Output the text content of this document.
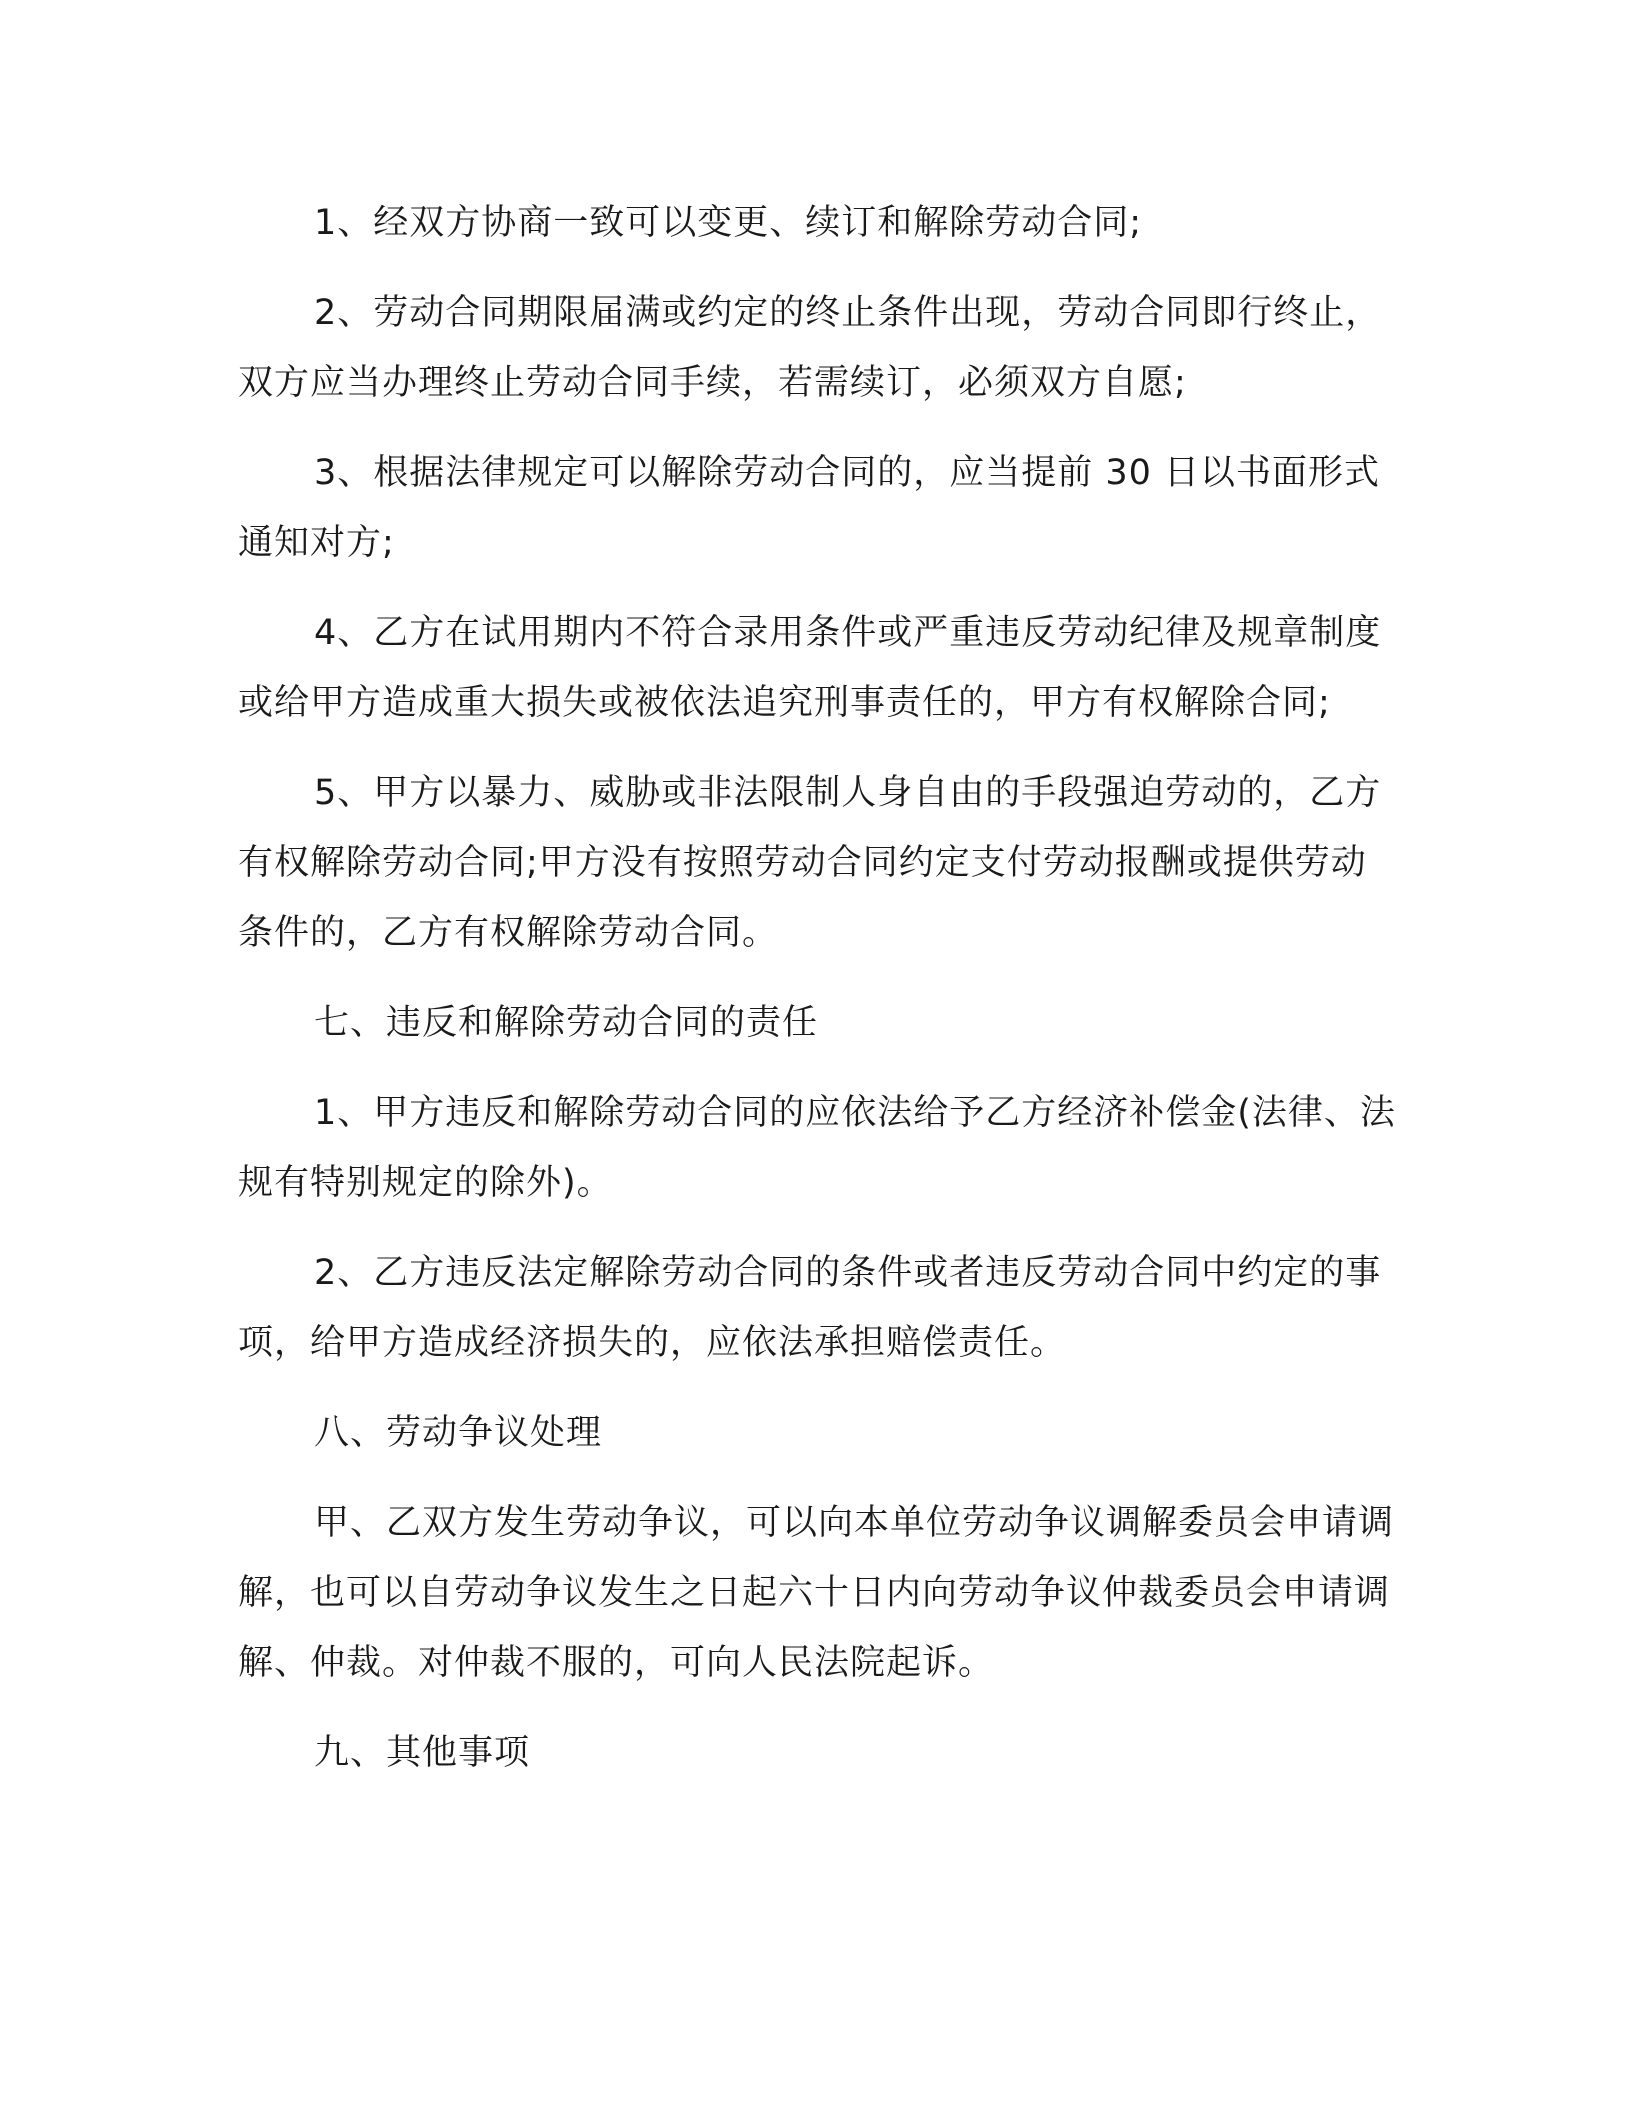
1、经双方协商一致可以变更、续订和解除劳动合同;

2、劳动合同期限届满或约定的终止条件出现，劳动合同即行终止，双方应当办理终止劳动合同手续，若需续订，必须双方自愿;

3、根据法律规定可以解除劳动合同的，应当提前 30 日以书面形式通知对方;

4、乙方在试用期内不符合录用条件或严重违反劳动纪律及规章制度或给甲方造成重大损失或被依法追究刑事责任的，甲方有权解除合同;

5、甲方以暴力、威胁或非法限制人身自由的手段强迫劳动的，乙方有权解除劳动合同;甲方没有按照劳动合同约定支付劳动报酬或提供劳动条件的，乙方有权解除劳动合同。

七、违反和解除劳动合同的责任

1、甲方违反和解除劳动合同的应依法给予乙方经济补偿金(法律、法规有特别规定的除外)。

2、乙方违反法定解除劳动合同的条件或者违反劳动合同中约定的事项，给甲方造成经济损失的，应依法承担赔偿责任。

八、劳动争议处理

甲、乙双方发生劳动争议，可以向本单位劳动争议调解委员会申请调解，也可以自劳动争议发生之日起六十日内向劳动争议仲裁委员会申请调解、仲裁。对仲裁不服的，可向人民法院起诉。

九、其他事项
